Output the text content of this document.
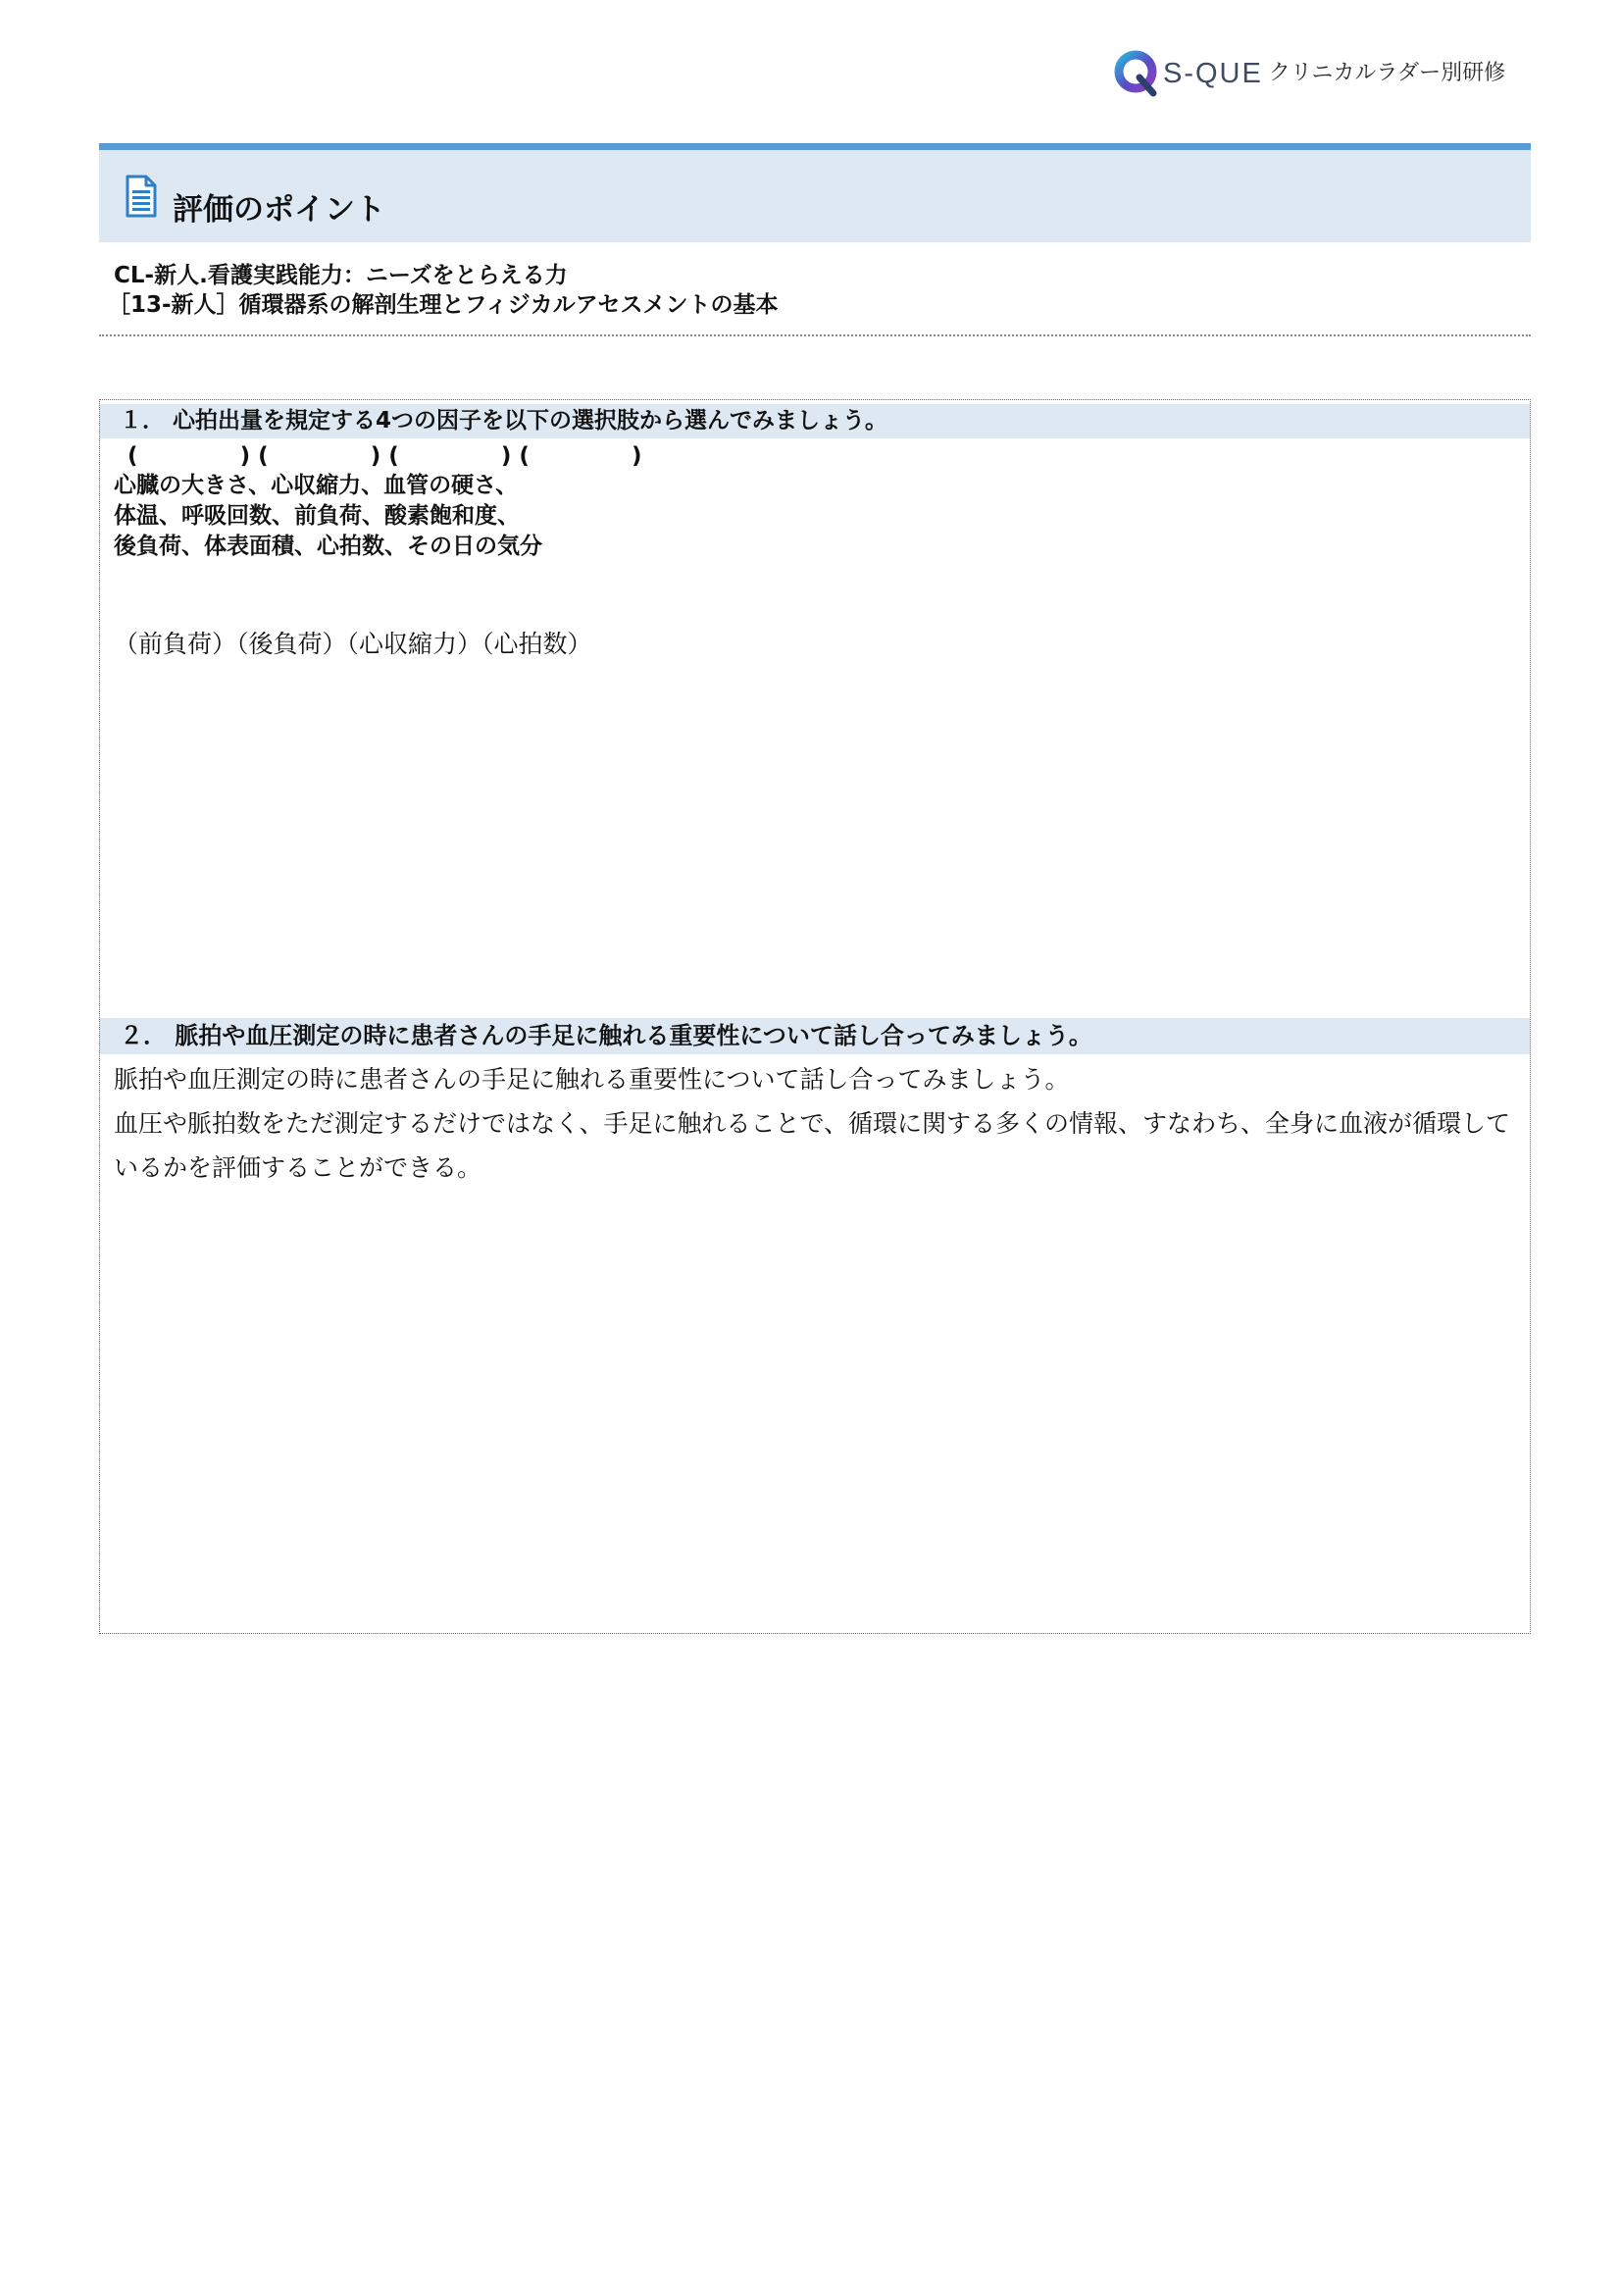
S-QUE クリニカルラダー別研修
評価のポイント
CL-新人.看護実践能力：ニーズをとらえる力
［13-新人］循環器系の解剖生理とフィジカルアセスメントの基本
１． 心拍出量を規定する4つの因子を以下の選択肢から選んでみましょう。
(             ) (             ) (             ) (             )
心臓の大きさ、心収縮力、血管の硬さ、
体温、呼吸回数、前負荷、酸素飽和度、
後負荷、体表面積、心拍数、その日の気分
（前負荷）（後負荷）（心収縮力）（心拍数）
２． 脈拍や血圧測定の時に患者さんの手足に触れる重要性について話し合ってみましょう。

脈拍や血圧測定の時に患者さんの手足に触れる重要性について話し合ってみましょう。

血圧や脈拍数をただ測定するだけではなく、手足に触れることで、循環に関する多くの情報、すなわち、全身に血液が循環しているかを評価することができる。
